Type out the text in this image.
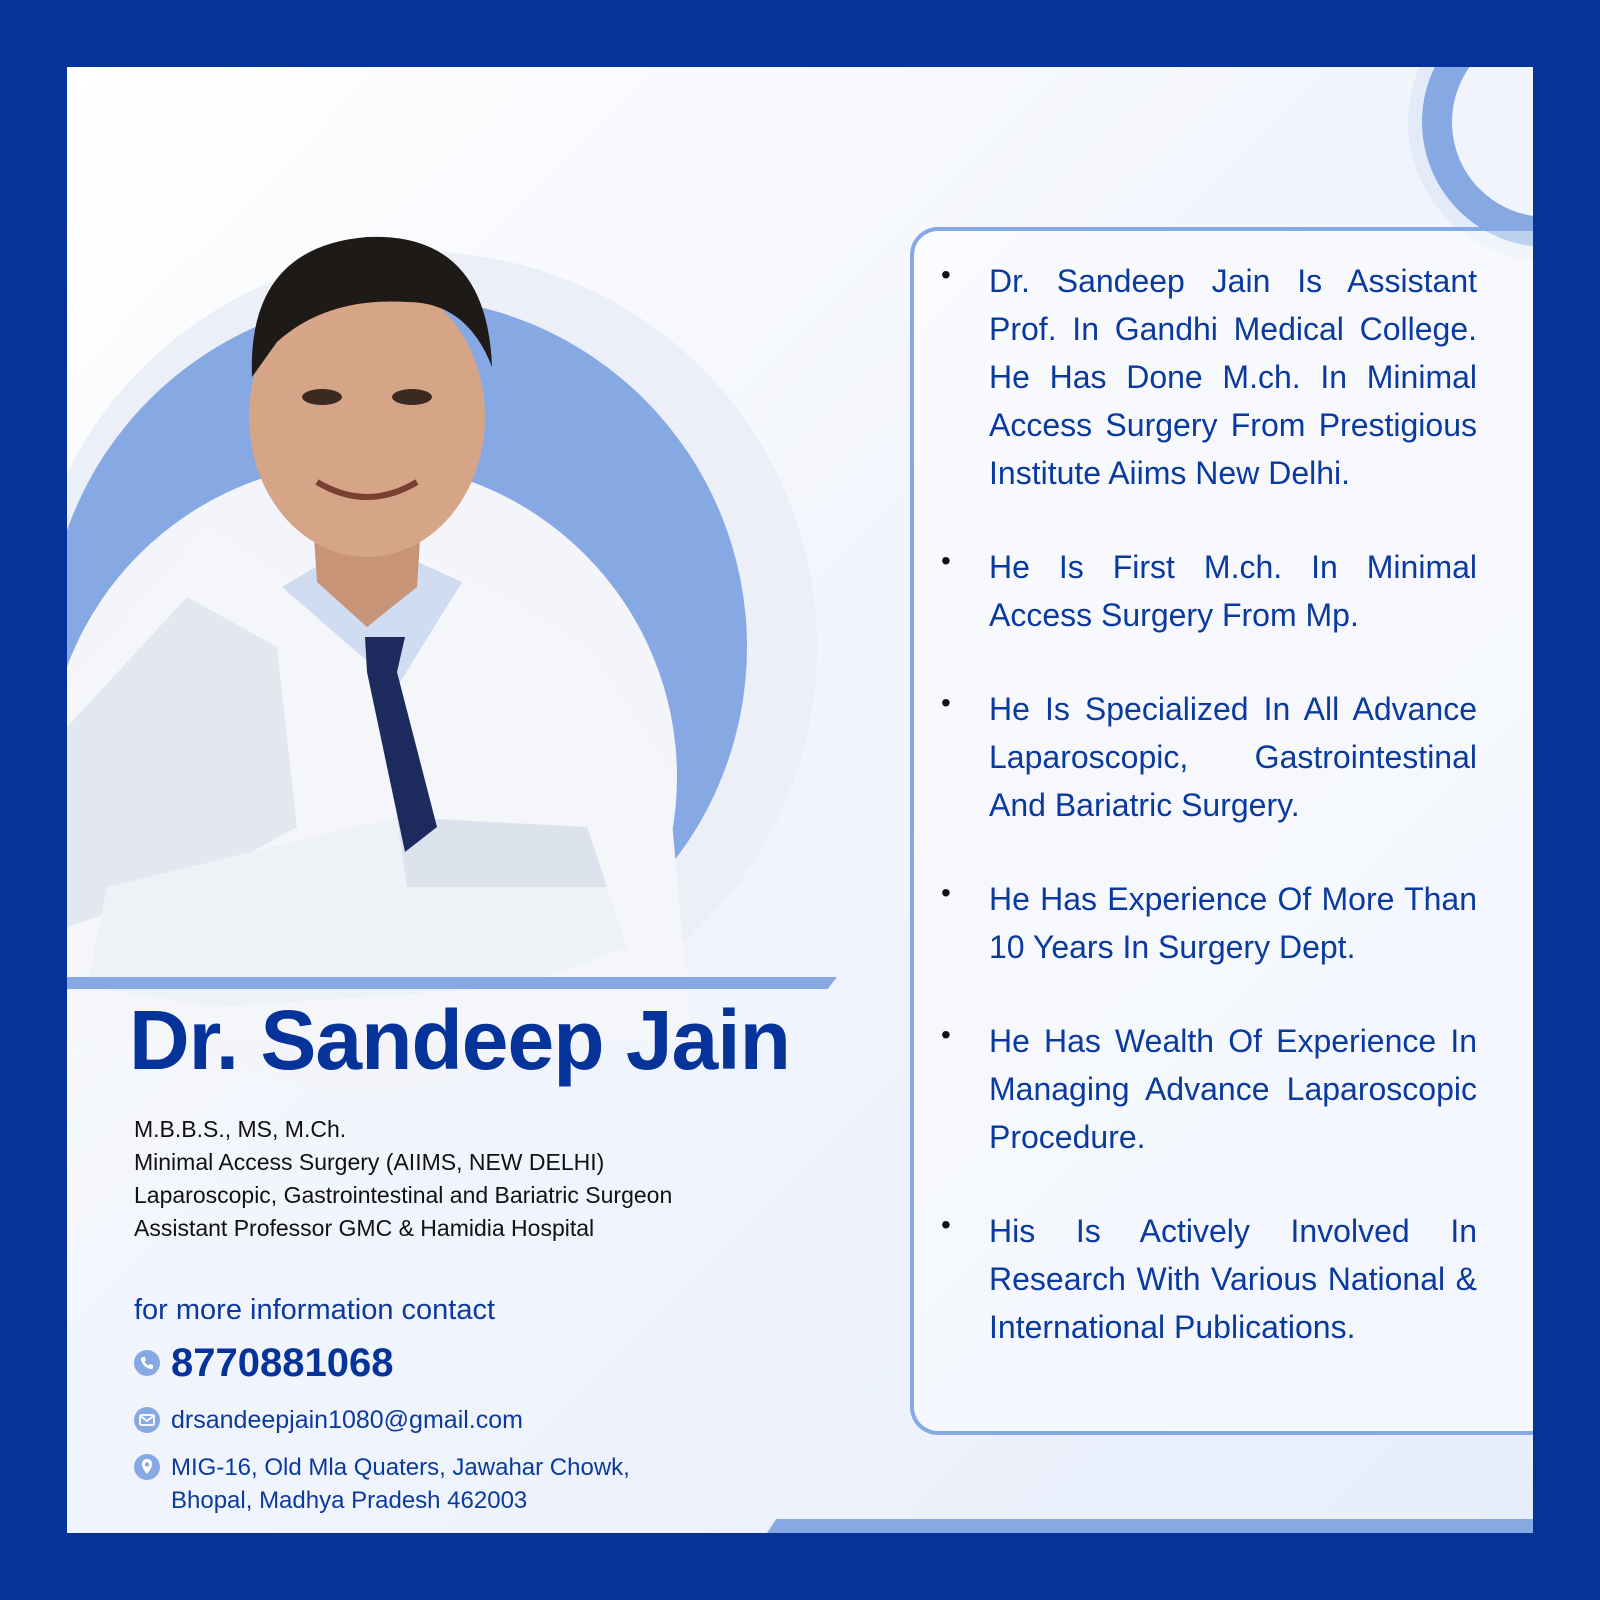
Dr. Sandeep Jain
M.B.B.S., MS, M.Ch.
Minimal Access Surgery (AIIMS, NEW DELHI)
Laparoscopic, Gastrointestinal and Bariatric Surgeon
Assistant Professor GMC & Hamidia Hospital
for more information contact
8770881068
drsandeepjain1080@gmail.com
MIG-16, Old Mla Quaters, Jawahar Chowk,
Bhopal, Madhya Pradesh 462003
• Dr. Sandeep Jain Is Assistant Prof. In Gandhi Medical College. He Has Done M.ch. In Minimal Access Surgery From Prestigious Institute Aiims New Delhi.
• He Is First M.ch. In Minimal Access Surgery From Mp.
• He Is Specialized In All Advance Laparoscopic, Gastrointestinal And Bariatric Surgery.
• He Has Experience Of More Than 10 Years In Surgery Dept.
• He Has Wealth Of Experience In Managing Advance Laparoscopic Procedure.
• His Is Actively Involved In Research With Various National & International Publications.
